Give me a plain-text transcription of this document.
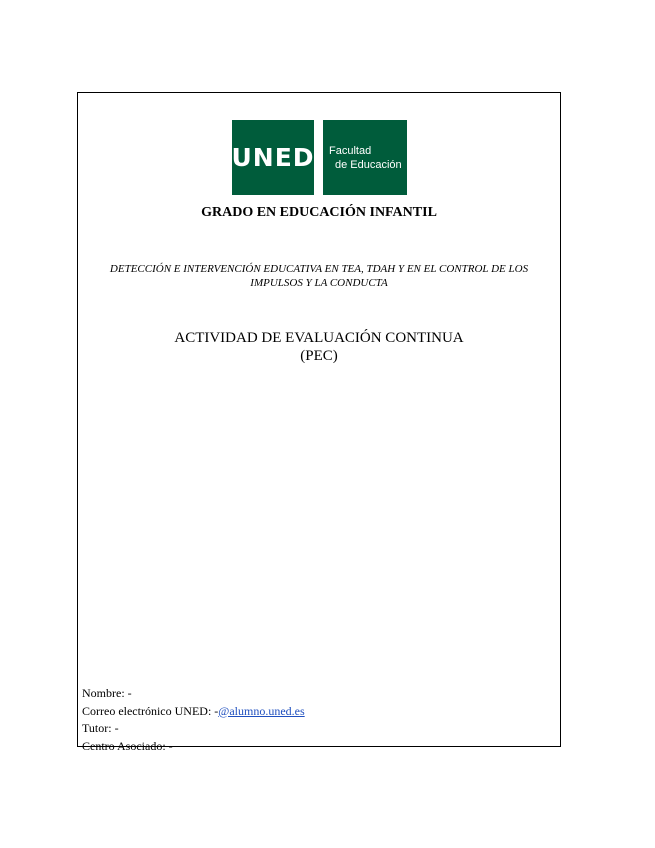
UNED Facultad
de Educación
GRADO EN EDUCACIÓN INFANTIL
DETECCIÓN E INTERVENCIÓN EDUCATIVA EN TEA, TDAH Y EN EL CONTROL DE LOS
IMPULSOS Y LA CONDUCTA
ACTIVIDAD DE EVALUACIÓN CONTINUA
(PEC)
Nombre: -
Correo electrónico UNED: -@alumno.uned.es
Tutor: -
Centro Asociado: -
